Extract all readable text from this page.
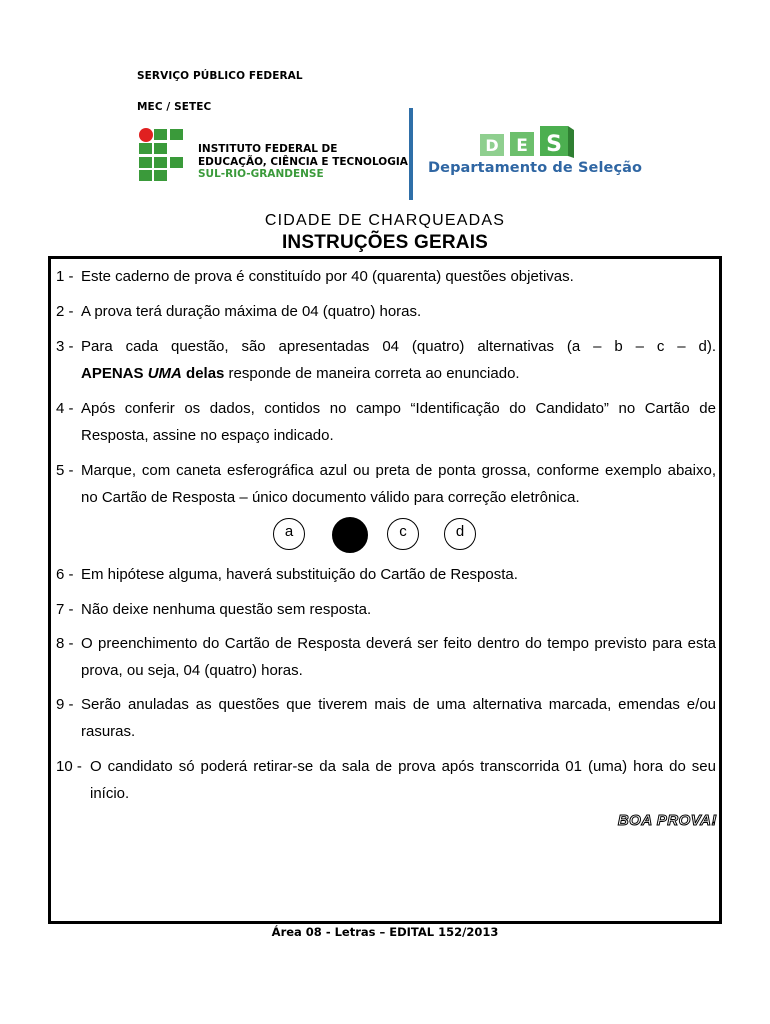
SERVIÇO PÚBLICO FEDERAL
MEC / SETEC
INSTITUTO FEDERAL DE
EDUCAÇÃO, CIÊNCIA E TECNOLOGIA
SUL-RIO-GRANDENSE
D E S
Departamento de Seleção
CIDADE DE CHARQUEADAS
INSTRUÇÕES GERAIS
1 - Este caderno de prova é constituído por 40 (quarenta) questões objetivas.
2 - A prova terá duração máxima de 04 (quatro) horas.
3 - Para cada questão, são apresentadas 04 (quatro) alternativas (a – b – c – d).
APENAS UMA delas responde de maneira correta ao enunciado.
4 - Após conferir os dados, contidos no campo “Identificação do Candidato” no Cartão de Resposta, assine no espaço indicado.
5 - Marque, com caneta esferográfica azul ou preta de ponta grossa, conforme exemplo abaixo, no Cartão de Resposta – único documento válido para correção eletrônica.
a	c	d
6 - Em hipótese alguma, haverá substituição do Cartão de Resposta.
7 - Não deixe nenhuma questão sem resposta.
8 - O preenchimento do Cartão de Resposta deverá ser feito dentro do tempo previsto para esta prova, ou seja, 04 (quatro) horas.
9 - Serão anuladas as questões que tiverem mais de uma alternativa marcada, emendas e/ou rasuras.
10 - O candidato só poderá retirar-se da sala de prova após transcorrida 01 (uma) hora do seu início.
BOA PROVA!
Área 08 - Letras – EDITAL 152/2013
